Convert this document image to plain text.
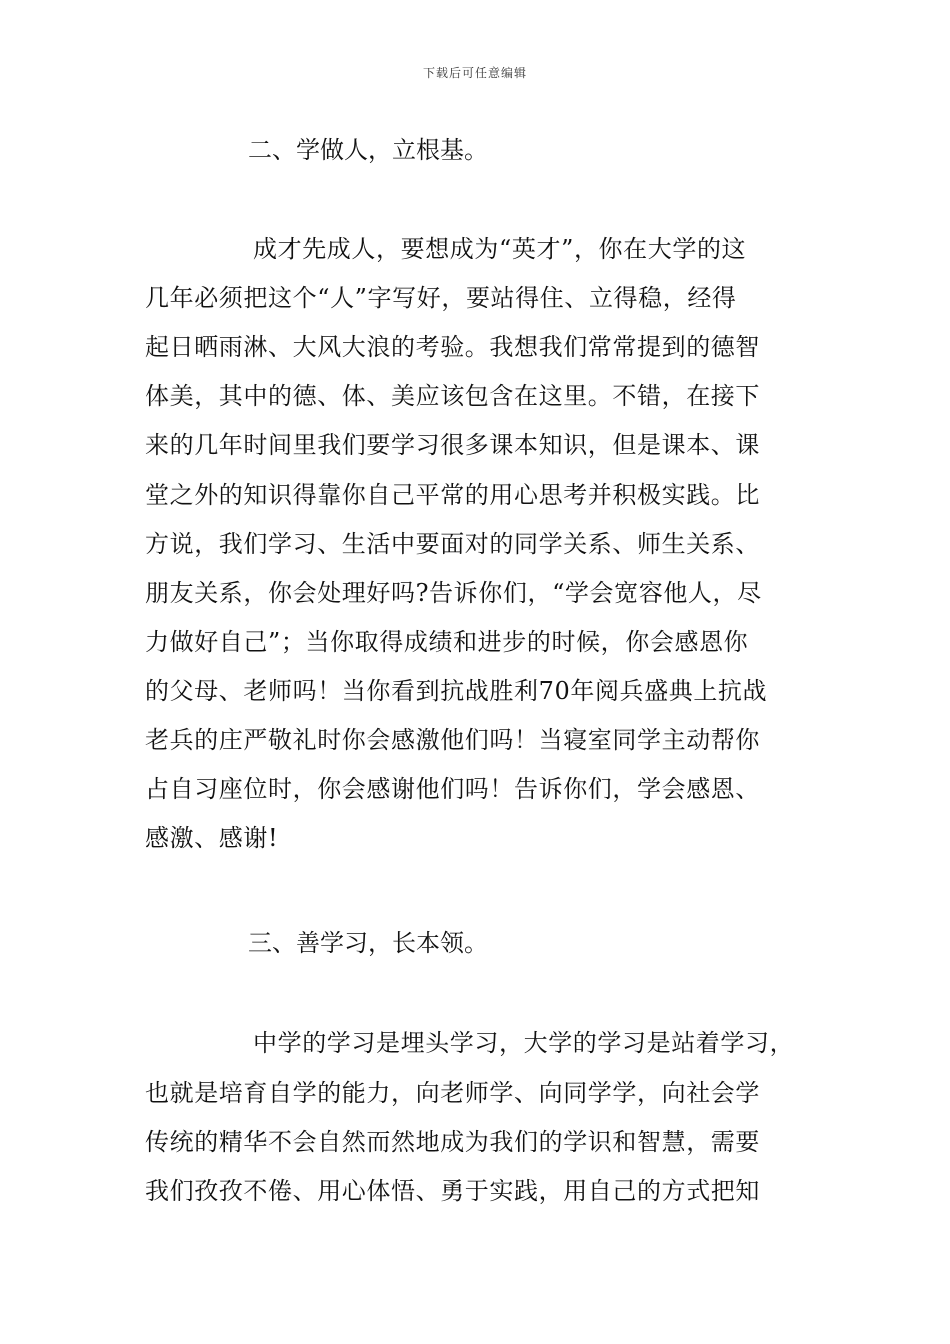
下载后可任意编辑
二、学做人，立根基。
成才先成人，要想成为“英才”，你在大学的这
几年必须把这个“人”字写好，要站得住、立得稳，经得
起日晒雨淋、大风大浪的考验。我想我们常常提到的德智
体美，其中的德、体、美应该包含在这里。不错，在接下
来的几年时间里我们要学习很多课本知识，但是课本、课
堂之外的知识得靠你自己平常的用心思考并积极实践。比
方说，我们学习、生活中要面对的同学关系、师生关系、
朋友关系，你会处理好吗?告诉你们，“学会宽容他人，尽
力做好自己”；当你取得成绩和进步的时候，你会感恩你
的父母、老师吗！当你看到抗战胜利70年阅兵盛典上抗战
老兵的庄严敬礼时你会感激他们吗！当寝室同学主动帮你
占自习座位时，你会感谢他们吗！告诉你们，学会感恩、
感激、感谢!
三、善学习，长本领。
中学的学习是埋头学习，大学的学习是站着学习，
也就是培育自学的能力，向老师学、向同学学，向社会学
传统的精华不会自然而然地成为我们的学识和智慧，需要
我们孜孜不倦、用心体悟、勇于实践，用自己的方式把知
